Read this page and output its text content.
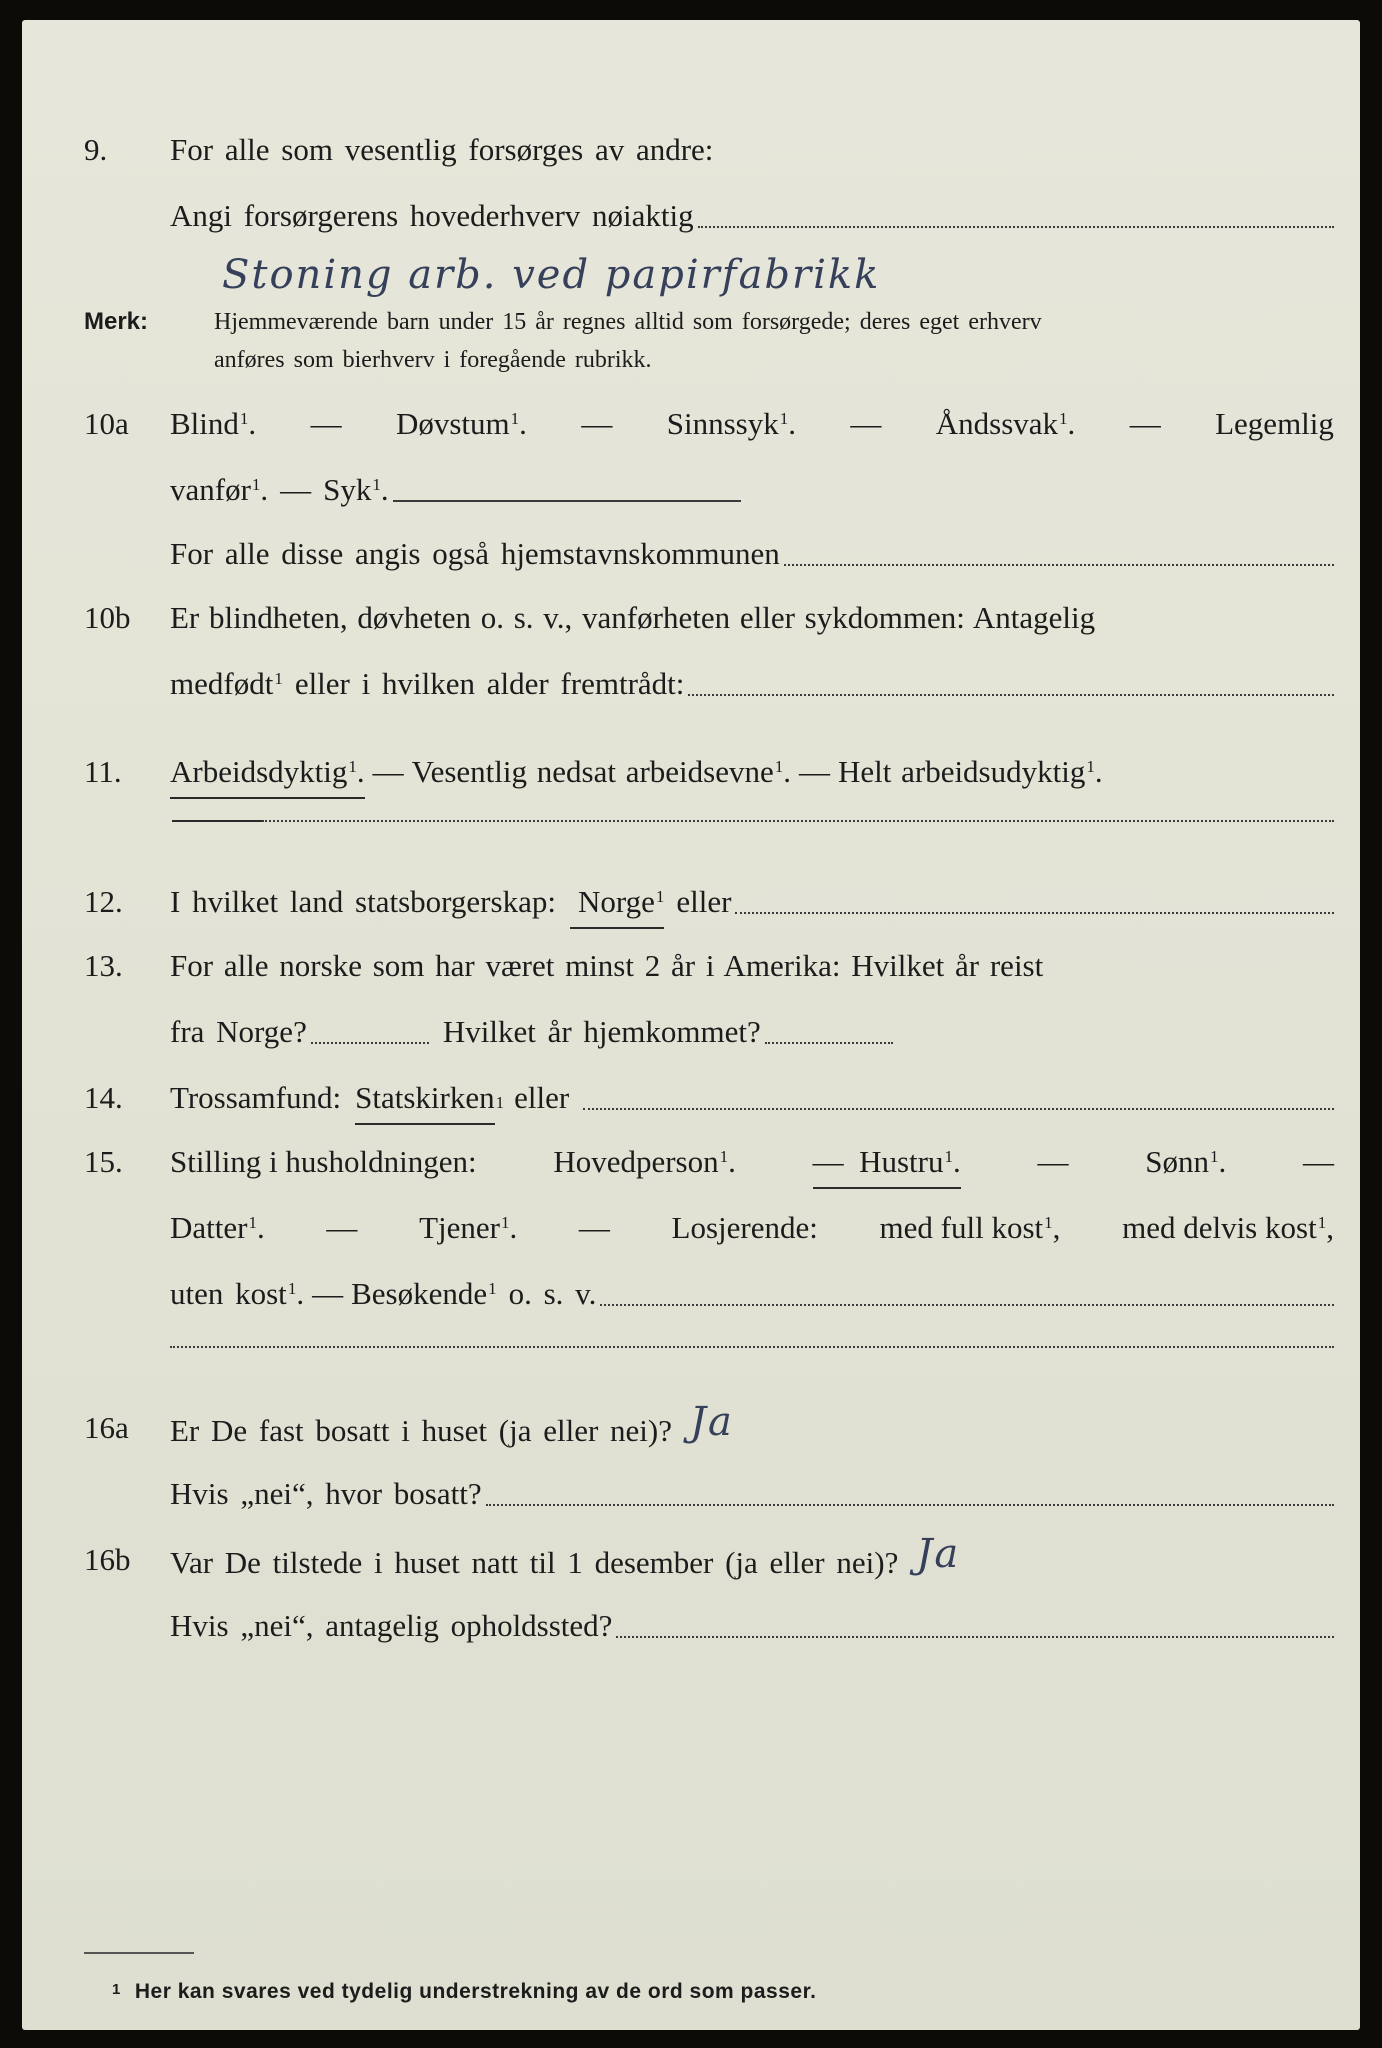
9.	For alle som vesentlig forsørges av andre:
Angi forsørgerens hovederhverv nøiaktig
Stoning arb. ved papirfabrikk
Merk:	Hjemmeværende barn under 15 år regnes alltid som forsørgede; deres eget erhverv
anføres som bierhverv i foregående rubrikk.
10a	Blind$^1$. — Døvstum$^1$. — Sinnssyk$^1$. — Åndssvak$^1$. — Legemlig
vanfør$^1$. — Syk$^1$.
For alle disse angis også hjemstavnskommunen
10b	Er blindheten, døvheten o. s. v., vanførheten eller sykdommen: Antagelig
medfødt$^1$ eller i hvilken alder fremtrådt:
11.	Arbeidsdyktig$^1$. — Vesentlig nedsat arbeidsevne$^1$. — Helt arbeidsudyktig$^1$.
12.	I hvilket land statsborgerskap: Norge$^1$ eller
13.	For alle norske som har været minst 2 år i Amerika: Hvilket år reist
fra Norge?	Hvilket år hjemkommet?
14.	Trossamfund: Statskirken 1 eller
15.	Stilling i husholdningen: Hovedperson$^1$. — Hustru$^1$. — Sønn$^1$. —
Datter$^1$. — Tjener$^1$. — Losjerende: med full kost$^1$, med delvis kost$^1$,
uten kost$^1$. — Besøkende$^1$ o. s. v.
16a	Er De fast bosatt i huset (ja eller nei)? Ja
Hvis „nei“, hvor bosatt?
16b	Var De tilstede i huset natt til 1 desember (ja eller nei)? Ja
Hvis „nei“, antagelig opholdssted?
1 Her kan svares ved tydelig understrekning av de ord som passer.
